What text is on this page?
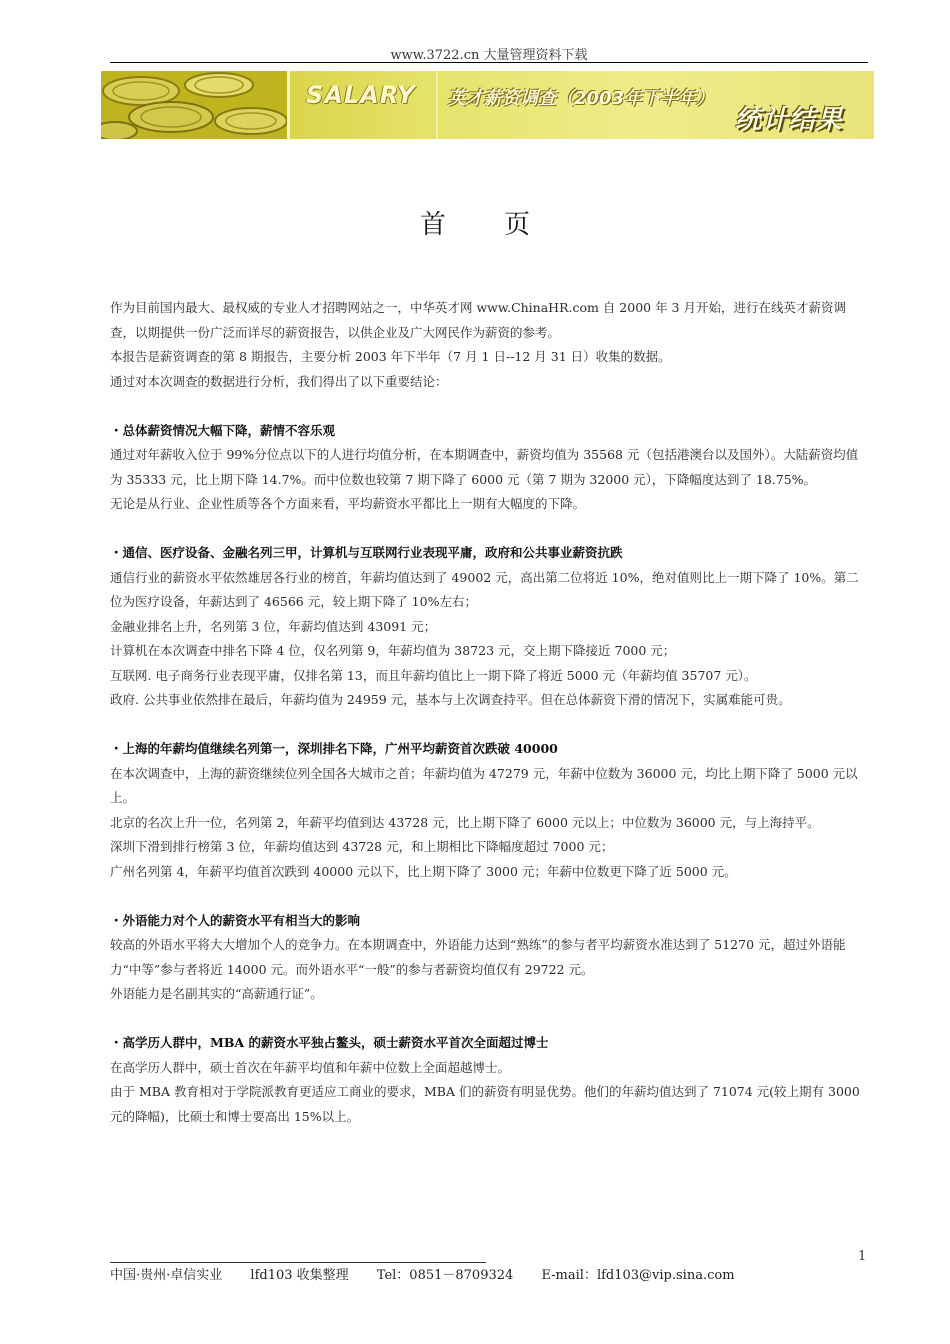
www.3722.cn 大量管理资料下载
SALARY 英才薪资调查（2003年下半年）
统计结果
首页

作为目前国内最大、最权威的专业人才招聘网站之一，中华英才网 www.ChinaHR.com 自 2000 年 3 月开始，进行在线英才薪资调查，以期提供一份广泛而详尽的薪资报告，以供企业及广大网民作为薪资的参考。

本报告是薪资调查的第 8 期报告，主要分析 2003 年下半年（7 月 1 日--12 月 31 日）收集的数据。

通过对本次调查的数据进行分析，我们得出了以下重要结论：

・总体薪资情况大幅下降，薪情不容乐观

通过对年薪收入位于 99%分位点以下的人进行均值分析，在本期调查中，薪资均值为 35568 元（包括港澳台以及国外）。大陆薪资均值为 35333 元，比上期下降 14.7%。而中位数也较第 7 期下降了 6000 元（第 7 期为 32000 元），下降幅度达到了 18.75%。

无论是从行业、企业性质等各个方面来看，平均薪资水平都比上一期有大幅度的下降。

・通信、医疗设备、金融名列三甲，计算机与互联网行业表现平庸，政府和公共事业薪资抗跌

通信行业的薪资水平依然雄居各行业的榜首，年薪均值达到了 49002 元，高出第二位将近 10%，绝对值则比上一期下降了 10%。第二位为医疗设备，年薪达到了 46566 元，较上期下降了 10%左右；

金融业排名上升，名列第 3 位，年薪均值达到 43091 元；

计算机在本次调查中排名下降 4 位，仅名列第 9，年薪均值为 38723 元，交上期下降接近 7000 元；

互联网. 电子商务行业表现平庸，仅排名第 13，而且年薪均值比上一期下降了将近 5000 元（年薪均值 35707 元）。

政府. 公共事业依然排在最后，年薪均值为 24959 元，基本与上次调查持平。但在总体薪资下滑的情况下，实属难能可贵。

・上海的年薪均值继续名列第一，深圳排名下降，广州平均薪资首次跌破 40000

在本次调查中，上海的薪资继续位列全国各大城市之首；年薪均值为 47279 元，年薪中位数为 36000 元，均比上期下降了 5000 元以上。

北京的名次上升一位，名列第 2，年薪平均值到达 43728 元，比上期下降了 6000 元以上；中位数为 36000 元，与上海持平。

深圳下滑到排行榜第 3 位，年薪均值达到 43728 元，和上期相比下降幅度超过 7000 元；

广州名列第 4，年薪平均值首次跌到 40000 元以下，比上期下降了 3000 元；年薪中位数更下降了近 5000 元。

・外语能力对个人的薪资水平有相当大的影响

较高的外语水平将大大增加个人的竞争力。在本期调查中，外语能力达到“熟练”的参与者平均薪资水准达到了 51270 元，超过外语能力“中等”参与者将近 14000 元。而外语水平“一般”的参与者薪资均值仅有 29722 元。

外语能力是名副其实的“高薪通行证”。

・高学历人群中，MBA 的薪资水平独占鳌头，硕士薪资水平首次全面超过博士

在高学历人群中，硕士首次在年薪平均值和年薪中位数上全面超越博士。

由于 MBA 教育相对于学院派教育更适应工商业的要求，MBA 们的薪资有明显优势。他们的年薪均值达到了 71074 元(较上期有 3000 元的降幅)，比硕士和博士要高出 15%以上。

1
中国·贵州·卓信实业 lfd103 收集整理 Tel：0851－8709324 E-mail：lfd103@vip.sina.com
